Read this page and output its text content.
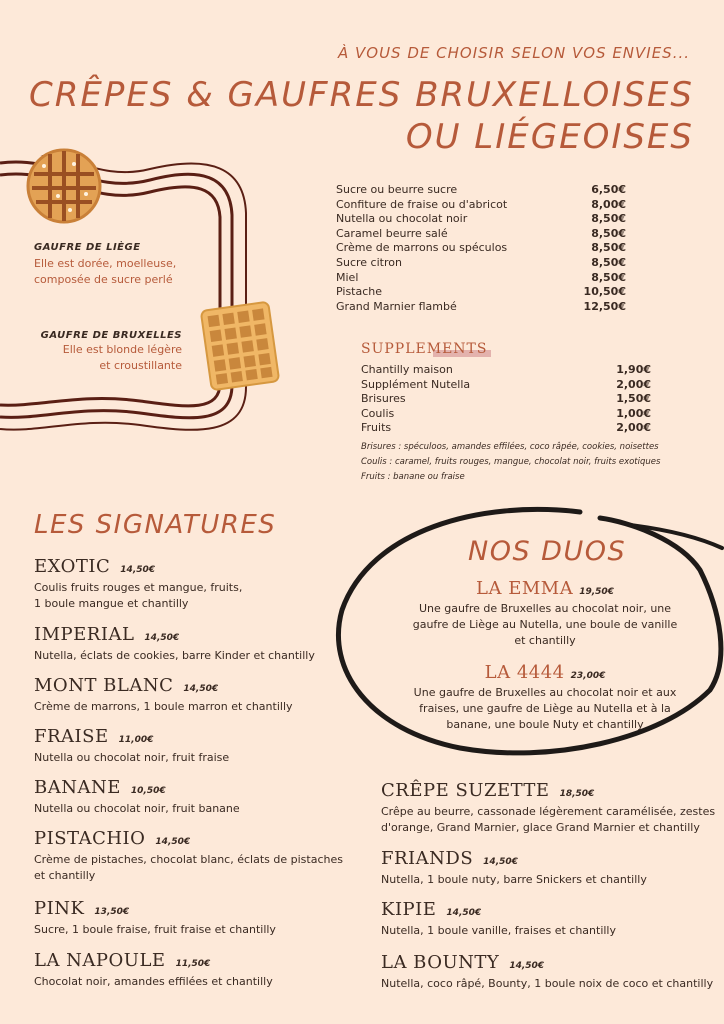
À VOUS DE CHOISIR SELON VOS ENVIES...
CRÊPES & GAUFRES BRUXELLOISES
OU LIÉGEOISES
GAUFRE DE LIÈGE
Elle est dorée, moelleuse,
composée de sucre perlé
GAUFRE DE BRUXELLES
Elle est blonde légère
et croustillante
Sucre ou beurre sucre	6,50€
Confiture de fraise ou d'abricot	8,00€
Nutella ou chocolat noir	8,50€
Caramel beurre salé	8,50€
Crème de marrons ou spéculos	8,50€
Sucre citron	8,50€
Miel	8,50€
Pistache	10,50€
Grand Marnier flambé	12,50€
SUPPLEMENTS
Chantilly maison	1,90€
Supplément Nutella	2,00€
Brisures	1,50€
Coulis	1,00€
Fruits	2,00€
Brisures : spéculoos, amandes effilées, coco râpée, cookies, noisettes
Coulis : caramel, fruits rouges, mangue, chocolat noir, fruits exotiques
Fruits : banane ou fraise
LES SIGNATURES
EXOTIC 14,50€
Coulis fruits rouges et mangue, fruits,
1 boule mangue et chantilly
IMPERIAL 14,50€
Nutella, éclats de cookies, barre Kinder et chantilly
MONT BLANC 14,50€
Crème de marrons, 1 boule marron et chantilly
FRAISE 11,00€
Nutella ou chocolat noir, fruit fraise
BANANE 10,50€
Nutella ou chocolat noir, fruit banane
PISTACHIO 14,50€
Crème de pistaches, chocolat blanc, éclats de pistaches
et chantilly
PINK 13,50€
Sucre, 1 boule fraise, fruit fraise et chantilly
LA NAPOULE 11,50€
Chocolat noir, amandes effilées et chantilly
NOS DUOS
LA EMMA 19,50€
Une gaufre de Bruxelles au chocolat noir, une
gaufre de Liège au Nutella, une boule de vanille
et chantilly
LA 4444 23,00€
Une gaufre de Bruxelles au chocolat noir et aux
fraises, une gaufre de Liège au Nutella et à la
banane, une boule Nuty et chantilly
CRÊPE SUZETTE 18,50€
Crêpe au beurre, cassonade légèrement caramélisée, zestes
d'orange, Grand Marnier, glace Grand Marnier et chantilly
FRIANDS 14,50€
Nutella, 1 boule nuty, barre Snickers et chantilly
KIPIE 14,50€
Nutella, 1 boule vanille, fraises et chantilly
LA BOUNTY 14,50€
Nutella, coco râpé, Bounty, 1 boule noix de coco et chantilly
